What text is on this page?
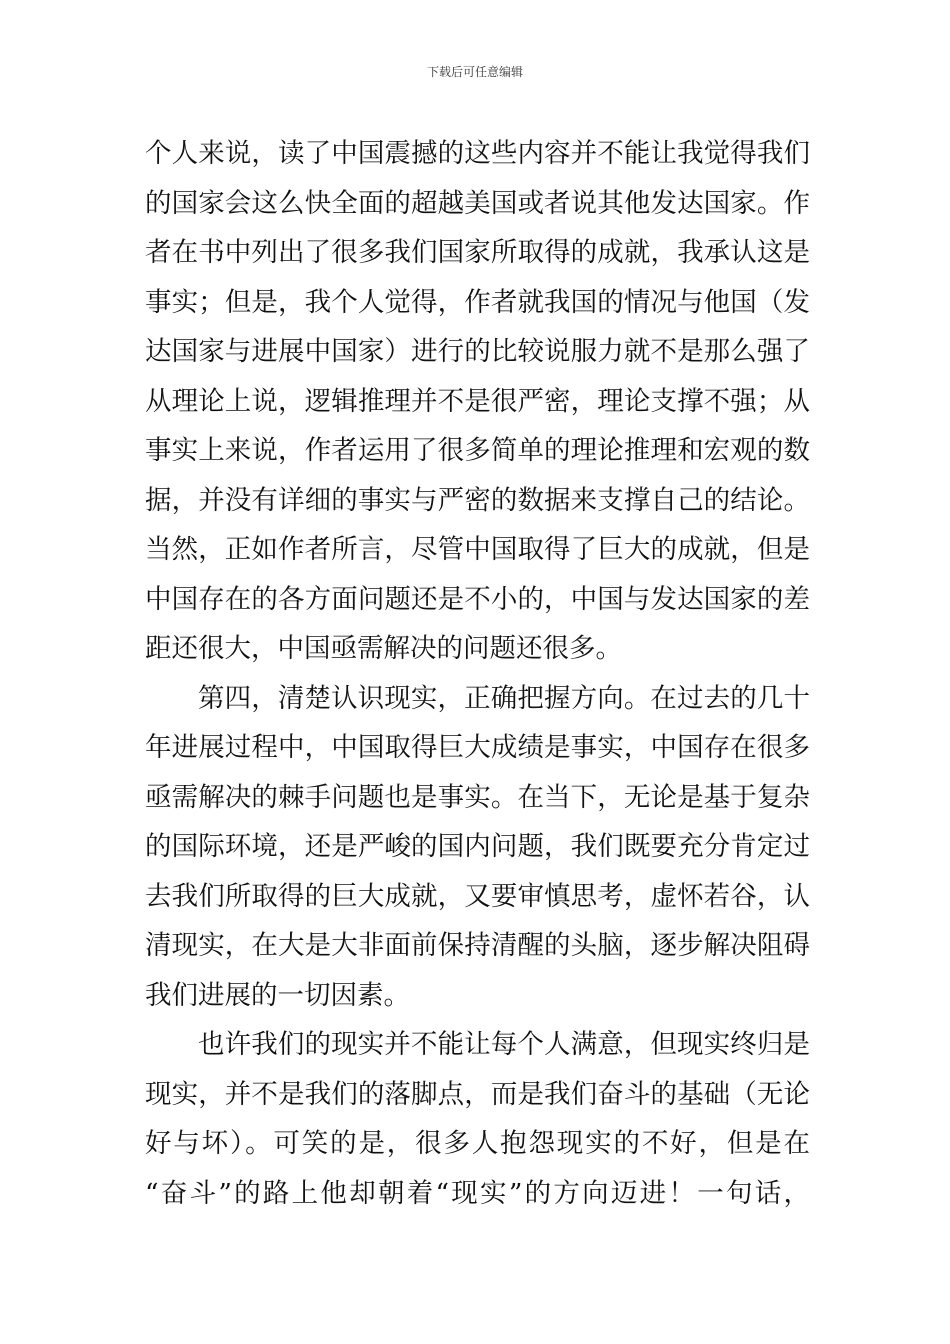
下载后可任意编辑
个人来说，读了中国震撼的这些内容并不能让我觉得我们
的国家会这么快全面的超越美国或者说其他发达国家。作
者在书中列出了很多我们国家所取得的成就，我承认这是
事实；但是，我个人觉得，作者就我国的情况与他国（发
达国家与进展中国家）进行的比较说服力就不是那么强了
从理论上说，逻辑推理并不是很严密，理论支撑不强；从
事实上来说，作者运用了很多简单的理论推理和宏观的数
据，并没有详细的事实与严密的数据来支撑自己的结论。
当然，正如作者所言，尽管中国取得了巨大的成就，但是
中国存在的各方面问题还是不小的，中国与发达国家的差
距还很大，中国亟需解决的问题还很多。
第四，清楚认识现实，正确把握方向。在过去的几十
年进展过程中，中国取得巨大成绩是事实，中国存在很多
亟需解决的棘手问题也是事实。在当下，无论是基于复杂
的国际环境，还是严峻的国内问题，我们既要充分肯定过
去我们所取得的巨大成就，又要审慎思考，虚怀若谷，认
清现实，在大是大非面前保持清醒的头脑，逐步解决阻碍
我们进展的一切因素。
也许我们的现实并不能让每个人满意，但现实终归是
现实，并不是我们的落脚点，而是我们奋斗的基础（无论
好与坏）。可笑的是，很多人抱怨现实的不好，但是在
“奋斗”的路上他却朝着“现实”的方向迈进！一句话，
